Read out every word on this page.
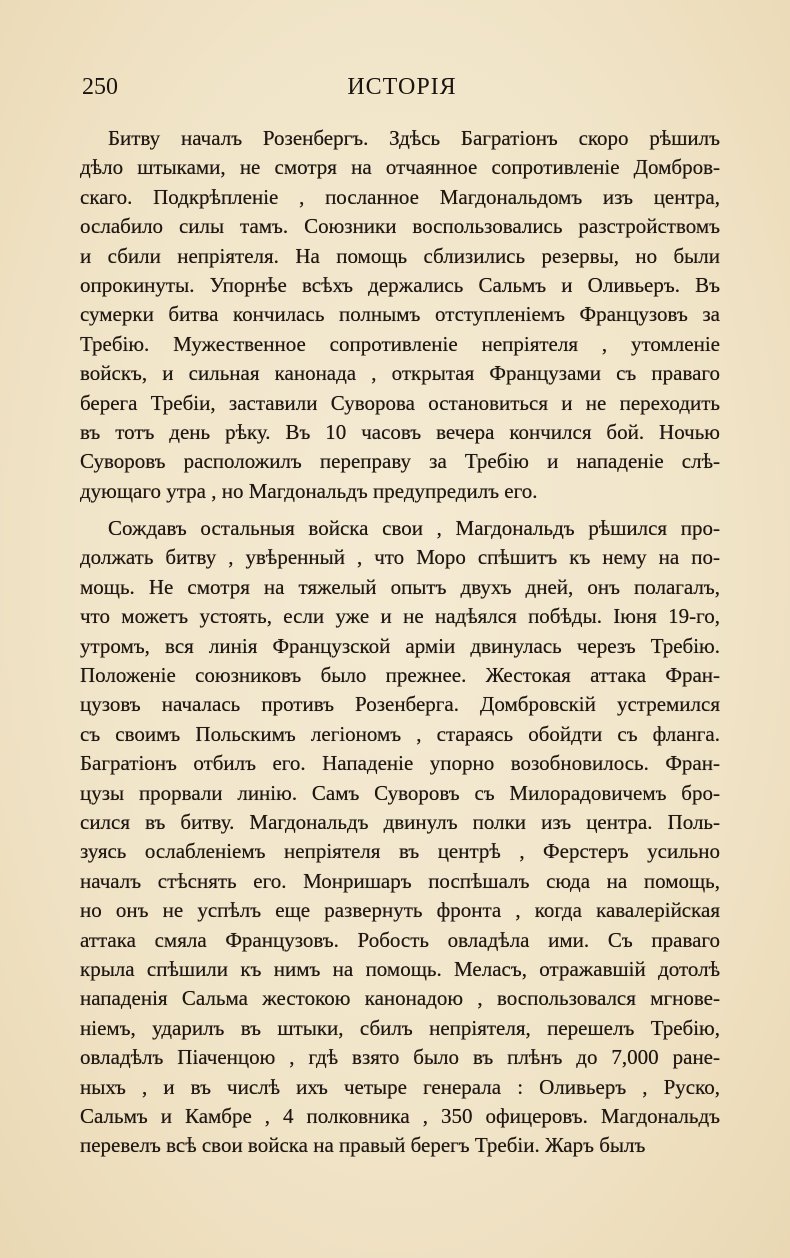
250	ИСТОРІЯ
Битву началъ Розенбергъ. Здѣсь Багратіонъ скоро рѣшилъ
дѣло штыками, не смотря на отчаянное сопротивленіе Домбров-
скаго. Подкрѣпленіе , посланное Магдональдомъ изъ центра,
ослабило силы тамъ. Союзники воспользовались разстройствомъ
и сбили непріятеля. На помощь сблизились резервы, но были
опрокинуты. Упорнѣе всѣхъ держались Сальмъ и Оливьеръ. Въ
сумерки битва кончилась полнымъ отступленіемъ Французовъ за
Требію. Мужественное сопротивленіе непріятеля , утомленіе
войскъ, и сильная канонада , открытая Французами съ праваго
берега Требіи, заставили Суворова остановиться и не переходить
въ тотъ день рѣку. Въ 10 часовъ вечера кончился бой. Ночью
Суворовъ расположилъ переправу за Требію и нападеніе слѣ-
дующаго утра , но Магдональдъ предупредилъ его.
Сождавъ остальныя войска свои , Магдональдъ рѣшился про-
должать битву , увѣренный , что Моро спѣшитъ къ нему на по-
мощь. Не смотря на тяжелый опытъ двухъ дней, онъ полагалъ,
что можетъ устоять, если уже и не надѣялся побѣды. Іюня 19-го,
утромъ, вся линія Французской арміи двинулась черезъ Требію.
Положеніе союзниковъ было прежнее. Жестокая аттака Фран-
цузовъ началась противъ Розенберга. Домбровскій устремился
съ своимъ Польскимъ легіономъ , стараясь обойдти съ фланга.
Багратіонъ отбилъ его. Нападеніе упорно возобновилось. Фран-
цузы прорвали линію. Самъ Суворовъ съ Милорадовичемъ бро-
сился въ битву. Магдональдъ двинулъ полки изъ центра. Поль-
зуясь ослабленіемъ непріятеля въ центрѣ , Ферстеръ усильно
началъ стѣснять его. Монришаръ поспѣшалъ сюда на помощь,
но онъ не успѣлъ еще развернуть фронта , когда кавалерійская
аттака смяла Французовъ. Робость овладѣла ими. Съ праваго
крыла спѣшили къ нимъ на помощь. Мелаcъ, отражавшій дотолѣ
нападенія Сальма жестокою канонадою , воспользовался мгнове-
ніемъ, ударилъ въ штыки, сбилъ непріятеля, перешелъ Требію,
овладѣлъ Піаченцою , гдѣ взято было въ плѣнъ до 7,000 ране-
ныхъ , и въ числѣ ихъ четыре генерала : Оливьеръ , Руско,
Сальмъ и Камбре , 4 полковника , 350 офицеровъ. Магдональдъ
перевелъ всѣ свои войска на правый берегъ Требіи. Жаръ былъ
